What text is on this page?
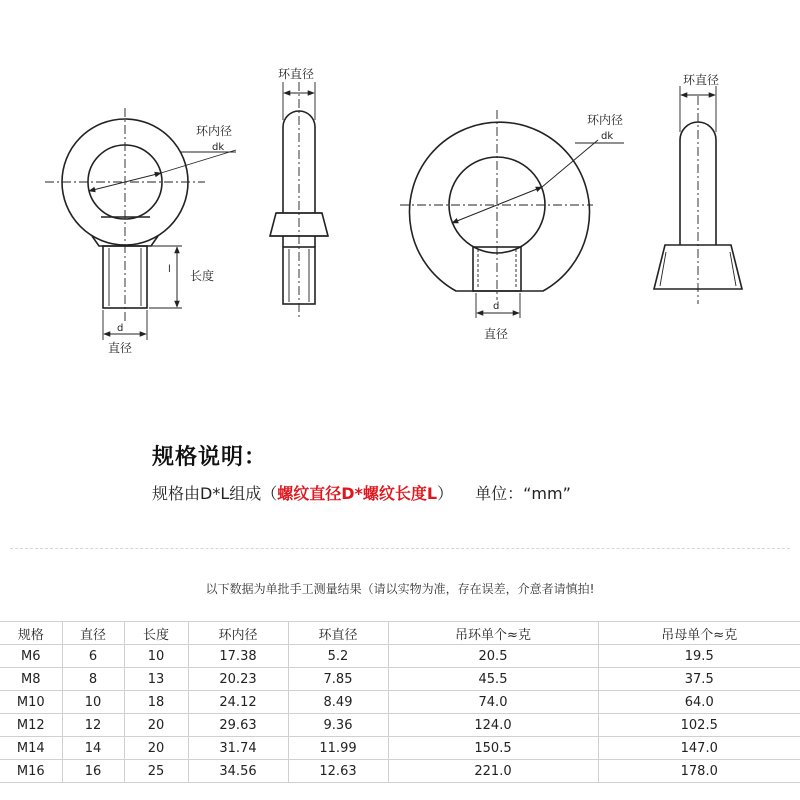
环内径
dk
l 长度
d
直径
环直径
环内径
dk
d
直径
环直径
规格说明：
规格由D*L组成（螺纹直径D*螺纹长度L） 单位：“mm”
以下数据为单批手工测量结果（请以实物为准，存在误差，介意者请慎拍!
规格	直径	长度	环内径	环直径	吊环单个≈克	吊母单个≈克
M6	6	10	17.38	5.2	20.5	19.5
M8	8	13	20.23	7.85	45.5	37.5
M10	10	18	24.12	8.49	74.0	64.0
M12	12	20	29.63	9.36	124.0	102.5
M14	14	20	31.74	11.99	150.5	147.0
M16	16	25	34.56	12.63	221.0	178.0
